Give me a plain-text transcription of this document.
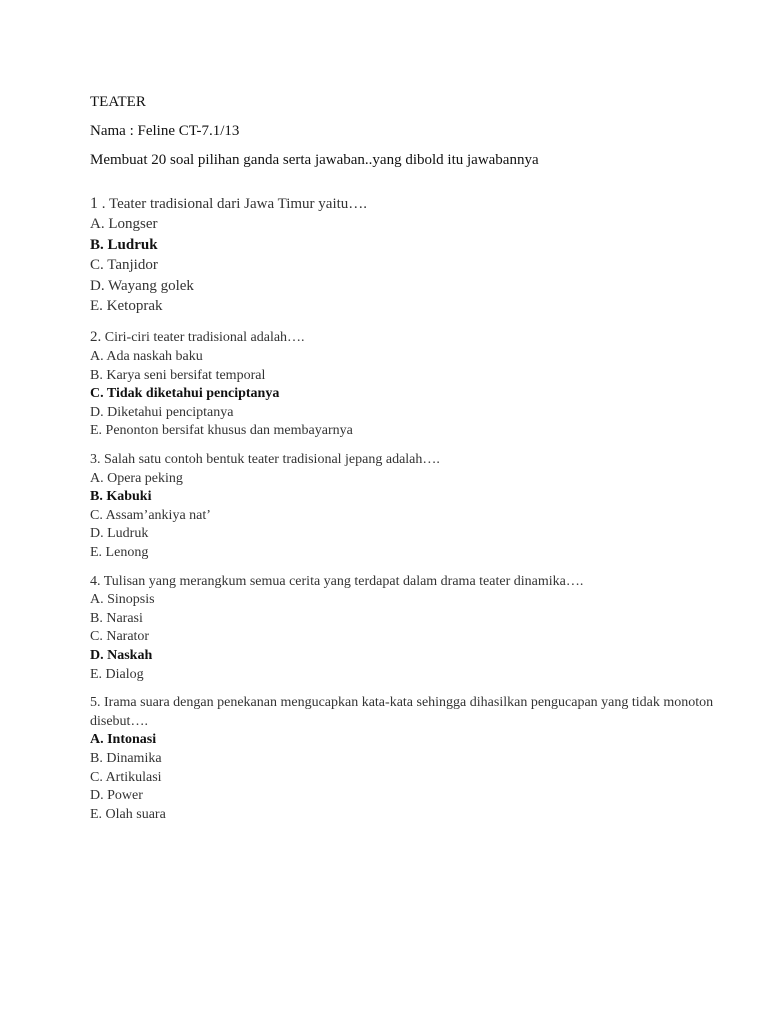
TEATER
Nama : Feline CT-7.1/13
Membuat 20 soal pilihan ganda serta jawaban..yang dibold itu jawabannya
1 . Teater tradisional dari Jawa Timur yaitu….
A. Longser
B. Ludruk
C. Tanjidor
D. Wayang golek
E. Ketoprak
2. Ciri-ciri teater tradisional adalah….
A. Ada naskah baku
B. Karya seni bersifat temporal
C. Tidak diketahui penciptanya
D. Diketahui penciptanya
E. Penonton bersifat khusus dan membayarnya
3. Salah satu contoh bentuk teater tradisional jepang adalah….
A. Opera peking
B. Kabuki
C. Assam’ankiya nat’
D. Ludruk
E. Lenong
4. Tulisan yang merangkum semua cerita yang terdapat dalam drama teater dinamika….
A. Sinopsis
B. Narasi
C. Narator
D. Naskah
E. Dialog
5. Irama suara dengan penekanan mengucapkan kata-kata sehingga dihasilkan pengucapan yang tidak monoton disebut….
A. Intonasi
B. Dinamika
C. Artikulasi
D. Power
E. Olah suara
